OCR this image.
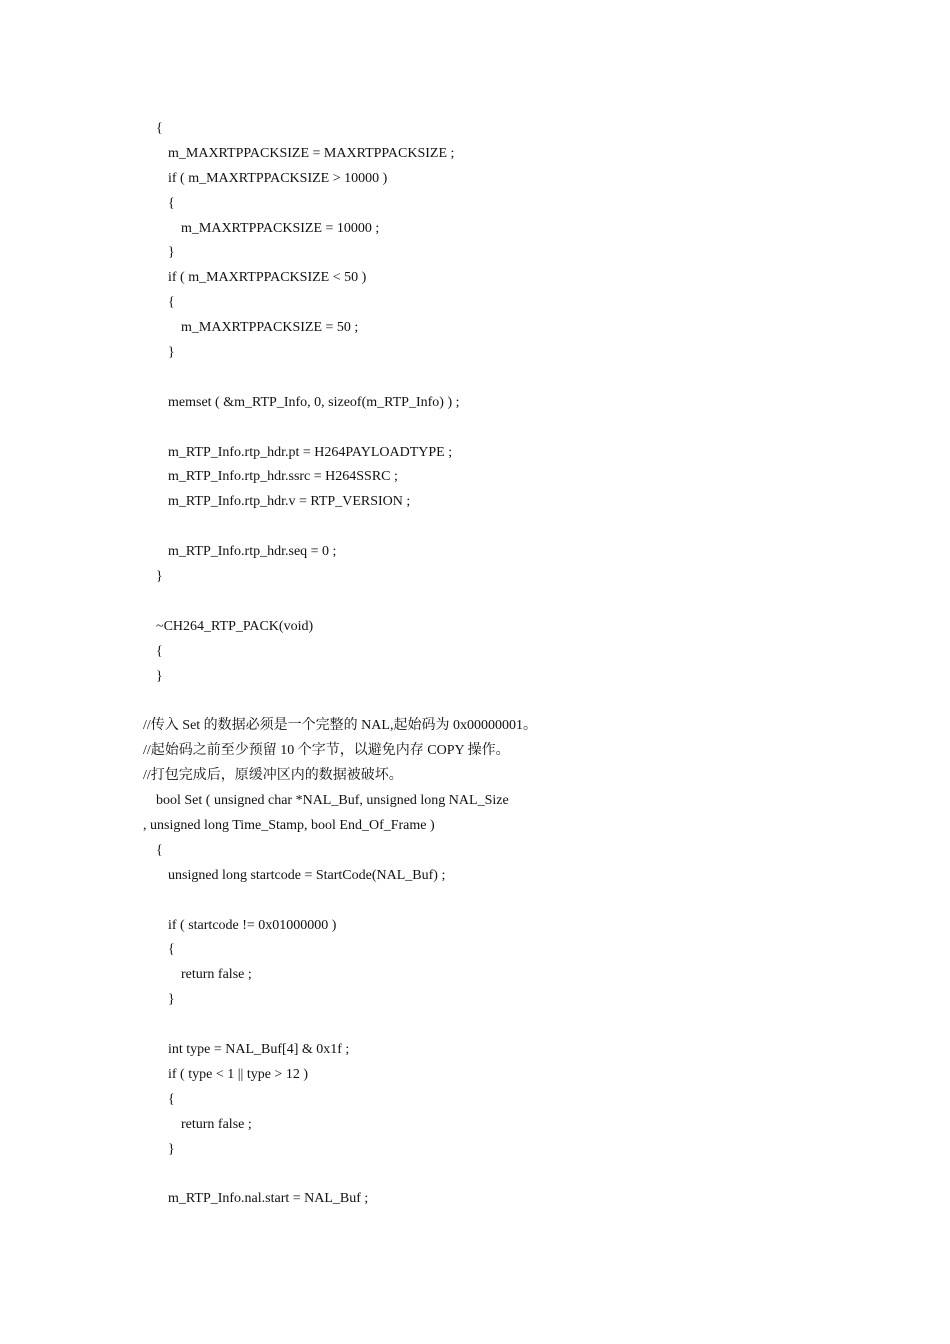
{
m_MAXRTPPACKSIZE = MAXRTPPACKSIZE ;
if ( m_MAXRTPPACKSIZE > 10000 )
{
m_MAXRTPPACKSIZE = 10000 ;
}
if ( m_MAXRTPPACKSIZE < 50 )
{
m_MAXRTPPACKSIZE = 50 ;
}
memset ( &m_RTP_Info, 0, sizeof(m_RTP_Info) ) ;
m_RTP_Info.rtp_hdr.pt = H264PAYLOADTYPE ;
m_RTP_Info.rtp_hdr.ssrc = H264SSRC ;
m_RTP_Info.rtp_hdr.v = RTP_VERSION ;
m_RTP_Info.rtp_hdr.seq = 0 ;
}
~CH264_RTP_PACK(void)
{
}
//传入 Set 的数据必须是一个完整的 NAL,起始码为 0x00000001。
//起始码之前至少预留 10 个字节，以避免内存 COPY 操作。
//打包完成后，原缓冲区内的数据被破坏。
bool Set ( unsigned char *NAL_Buf, unsigned long NAL_Size
, unsigned long Time_Stamp, bool End_Of_Frame )
{
unsigned long startcode = StartCode(NAL_Buf) ;
if ( startcode != 0x01000000 )
{
return false ;
}
int type = NAL_Buf[4] & 0x1f ;
if ( type < 1 || type > 12 )
{
return false ;
}
m_RTP_Info.nal.start = NAL_Buf ;
